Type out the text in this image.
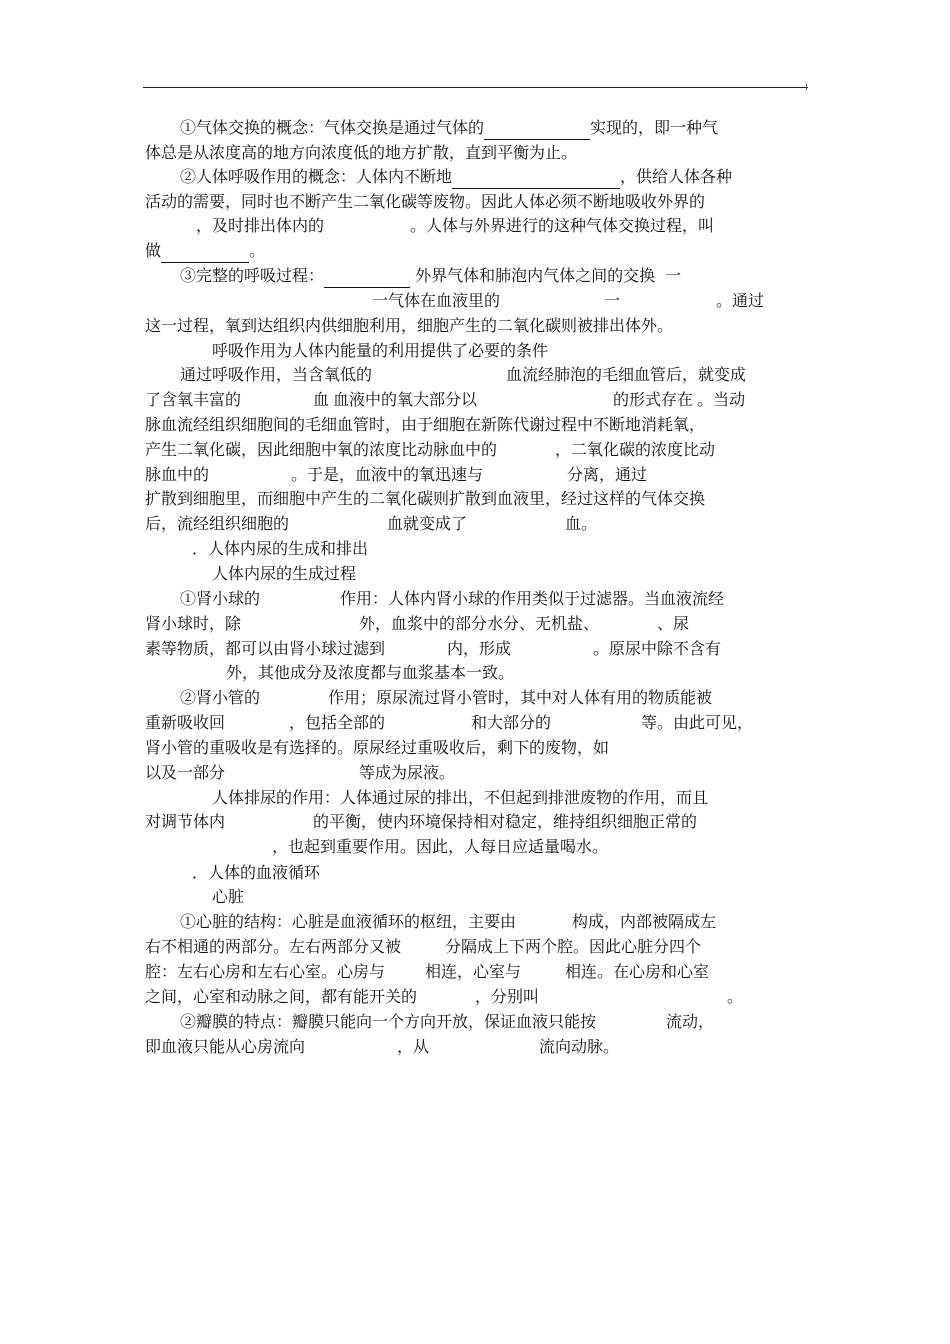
①气体交换的概念：气体交换是通过气体的	实现的，即一种气
体总是从浓度高的地方向浓度低的地方扩散，直到平衡为止。
②人体呼吸作用的概念：人体内不断地	，供给人体各种
活动的需要，同时也不断产生二氧化碳等废物。因此人体必须不断地吸收外界的
，及时排出体内的	。人体与外界进行的这种气体交换过程，叫
做	。
③完整的呼吸过程：	外界气体和肺泡内气体之间的交换 一
一气体在血液里的	一	。通过
这一过程，氧到达组织内供细胞利用，细胞产生的二氧化碳则被排出体外。
呼吸作用为人体内能量的利用提供了必要的条件
通过呼吸作用，当含氧低的	血流经肺泡的毛细血管后，就变成
了含氧丰富的	血 血液中的氧大部分以	的形式存在 。当动
脉血流经组织细胞间的毛细血管时，由于细胞在新陈代谢过程中不断地消耗氧，
产生二氧化碳，因此细胞中氧的浓度比动脉血中的	，二氧化碳的浓度比动
脉血中的	。于是，血液中的氧迅速与	分离，通过
扩散到细胞里，而细胞中产生的二氧化碳则扩散到血液里，经过这样的气体交换
后，流经组织细胞的	血就变成了	血。
．人体内尿的生成和排出
人体内尿的生成过程
①肾小球的	作用：人体内肾小球的作用类似于过滤器。当血液流经
肾小球时，除	外，血浆中的部分水分、无机盐、	、尿
素等物质，都可以由肾小球过滤到	内，形成	。原尿中除不含有
外，其他成分及浓度都与血浆基本一致。
②肾小管的	作用；原尿流过肾小管时，其中对人体有用的物质能被
重新吸收回	，包括全部的	和大部分的	等。由此可见，
肾小管的重吸收是有选择的。原尿经过重吸收后，剩下的废物，如
以及一部分	等成为尿液。
人体排尿的作用：人体通过尿的排出，不但起到排泄废物的作用，而且
对调节体内	的平衡，使内环境保持相对稳定，维持组织细胞正常的
，也起到重要作用。因此，人每日应适量喝水。
．人体的血液循环
心脏
①心脏的结构：心脏是血液循环的枢纽，主要由	构成，内部被隔成左
右不相通的两部分。左右两部分又被	分隔成上下两个腔。因此心脏分四个
腔：左右心房和左右心室。心房与	相连，心室与	相连。在心房和心室
之间，心室和动脉之间，都有能开关的	，分别叫	。
②瓣膜的特点：瓣膜只能向一个方向开放，保证血液只能按	流动，
即血液只能从心房流向	，从	流向动脉。
